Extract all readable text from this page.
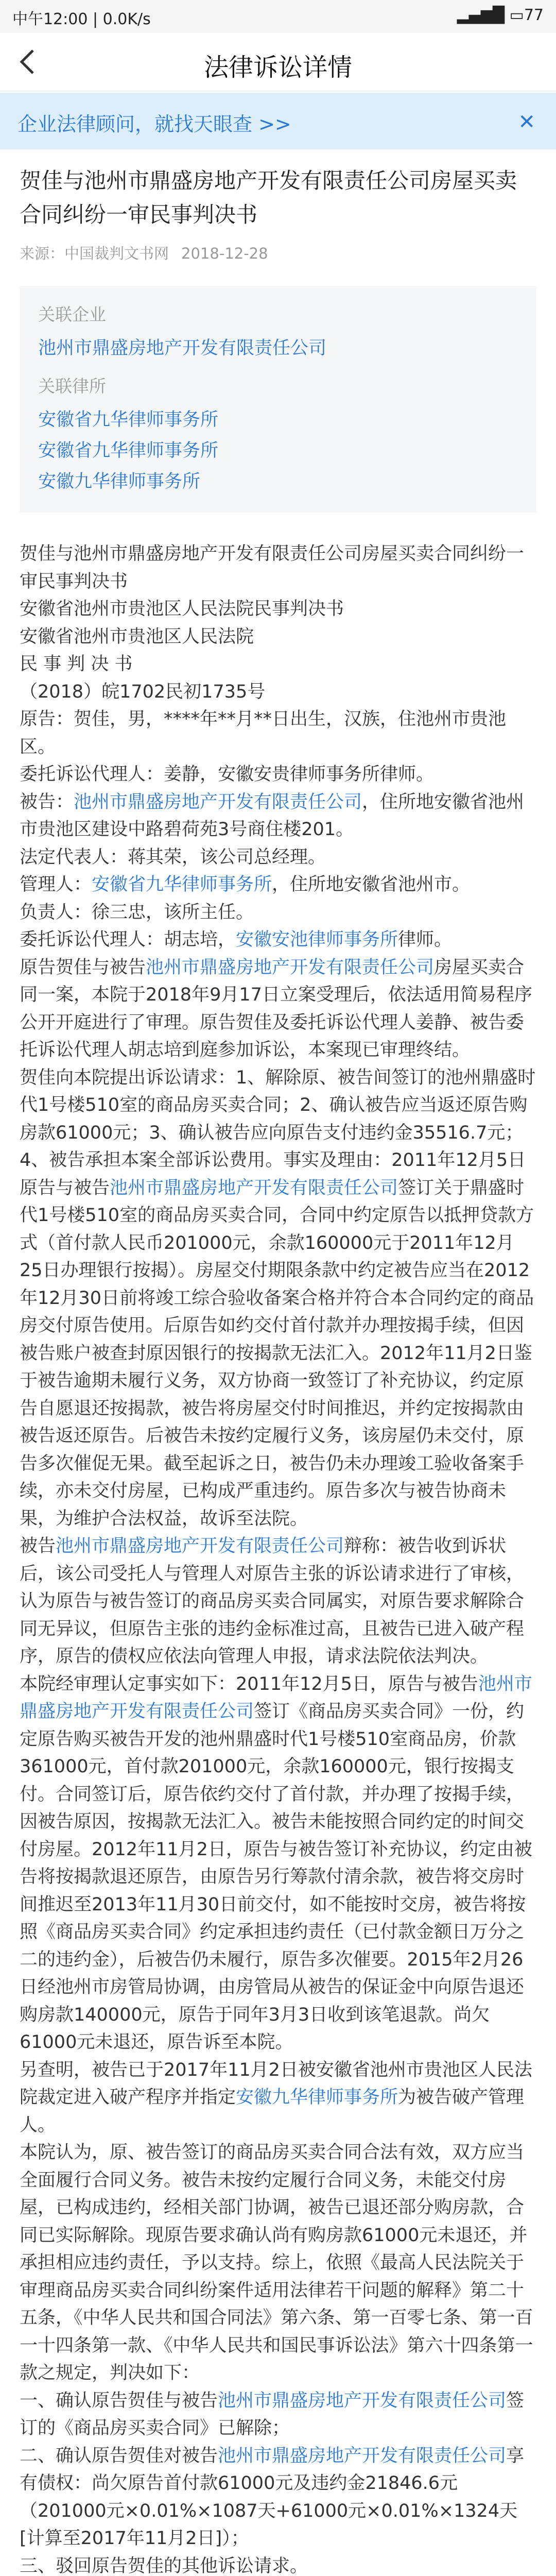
中午12:00 | 0.0K/s	▂▄▆█ ▭77
法律诉讼详情
企业法律顾问，就找天眼查 >>	✕
贺佳与池州市鼎盛房地产开发有限责任公司房屋买卖合同纠纷一审民事判决书
来源：中国裁判文书网 2018-12-28
关联企业
池州市鼎盛房地产开发有限责任公司
关联律所
安徽省九华律师事务所
安徽省九华律师事务所
安徽九华律师事务所

贺佳与池州市鼎盛房地产开发有限责任公司房屋买卖合同纠纷一审民事判决书

安徽省池州市贵池区人民法院民事判决书

安徽省池州市贵池区人民法院

民 事 判 决 书

（2018）皖1702民初1735号

原告：贺佳，男，****年**月**日出生，汉族，住池州市贵池区。

委托诉讼代理人：姜静，安徽安贵律师事务所律师。

被告：池州市鼎盛房地产开发有限责任公司，住所地安徽省池州市贵池区建设中路碧荷苑3号商住楼201。

法定代表人：蒋其荣，该公司总经理。

管理人：安徽省九华律师事务所，住所地安徽省池州市。

负责人：徐三忠，该所主任。

委托诉讼代理人：胡志培，安徽安池律师事务所律师。

原告贺佳与被告池州市鼎盛房地产开发有限责任公司房屋买卖合同一案，本院于2018年9月17日立案受理后，依法适用简易程序公开开庭进行了审理。原告贺佳及委托诉讼代理人姜静、被告委托诉讼代理人胡志培到庭参加诉讼，本案现已审理终结。

贺佳向本院提出诉讼请求：1、解除原、被告间签订的池州鼎盛时代1号楼510室的商品房买卖合同；2、确认被告应当返还原告购房款61000元；3、确认被告应向原告支付违约金35516.7元；4、被告承担本案全部诉讼费用。事实及理由：2011年12月5日原告与被告池州市鼎盛房地产开发有限责任公司签订关于鼎盛时代1号楼510室的商品房买卖合同，合同中约定原告以抵押贷款方式（首付款人民币201000元，余款160000元于2011年12月25日办理银行按揭）。房屋交付期限条款中约定被告应当在2012年12月30日前将竣工综合验收备案合格并符合本合同约定的商品房交付原告使用。后原告如约交付首付款并办理按揭手续，但因被告账户被查封原因银行的按揭款无法汇入。2012年11月2日鉴于被告逾期未履行义务，双方协商一致签订了补充协议，约定原告自愿退还按揭款，被告将房屋交付时间推迟，并约定按揭款由被告返还原告。后被告未按约定履行义务，该房屋仍未交付，原告多次催促无果。截至起诉之日，被告仍未办理竣工验收备案手续，亦未交付房屋，已构成严重违约。原告多次与被告协商未果，为维护合法权益，故诉至法院。

被告池州市鼎盛房地产开发有限责任公司辩称：被告收到诉状后，该公司受托人与管理人对原告主张的诉讼请求进行了审核，认为原告与被告签订的商品房买卖合同属实，对原告要求解除合同无异议，但原告主张的违约金标准过高，且被告已进入破产程序，原告的债权应依法向管理人申报，请求法院依法判决。

本院经审理认定事实如下：2011年12月5日，原告与被告池州市鼎盛房地产开发有限责任公司签订《商品房买卖合同》一份，约定原告购买被告开发的池州鼎盛时代1号楼510室商品房，价款361000元，首付款201000元，余款160000元，银行按揭支付。合同签订后，原告依约交付了首付款，并办理了按揭手续，因被告原因，按揭款无法汇入。被告未能按照合同约定的时间交付房屋。2012年11月2日，原告与被告签订补充协议，约定由被告将按揭款退还原告，由原告另行筹款付清余款，被告将交房时间推迟至2013年11月30日前交付，如不能按时交房，被告将按照《商品房买卖合同》约定承担违约责任（已付款金额日万分之二的违约金），后被告仍未履行，原告多次催要。2015年2月26日经池州市房管局协调，由房管局从被告的保证金中向原告退还购房款140000元，原告于同年3月3日收到该笔退款。尚欠61000元未退还，原告诉至本院。

另查明，被告已于2017年11月2日被安徽省池州市贵池区人民法院裁定进入破产程序并指定安徽九华律师事务所为被告破产管理人。

本院认为，原、被告签订的商品房买卖合同合法有效，双方应当全面履行合同义务。被告未按约定履行合同义务，未能交付房屋，已构成违约，经相关部门协调，被告已退还部分购房款，合同已实际解除。现原告要求确认尚有购房款61000元未退还，并承担相应违约责任，予以支持。综上，依照《最高人民法院关于审理商品房买卖合同纠纷案件适用法律若干问题的解释》第二十五条，《中华人民共和国合同法》第六条、第一百零七条、第一百一十四条第一款、《中华人民共和国民事诉讼法》第六十四条第一款之规定，判决如下：

一、确认原告贺佳与被告池州市鼎盛房地产开发有限责任公司签订的《商品房买卖合同》已解除；

二、确认原告贺佳对被告池州市鼎盛房地产开发有限责任公司享有债权：尚欠原告首付款61000元及违约金21846.6元（201000元×0.01%×1087天+61000元×0.01%×1324天[计算至2017年11月2日]）；

三、驳回原告贺佳的其他诉讼请求。
